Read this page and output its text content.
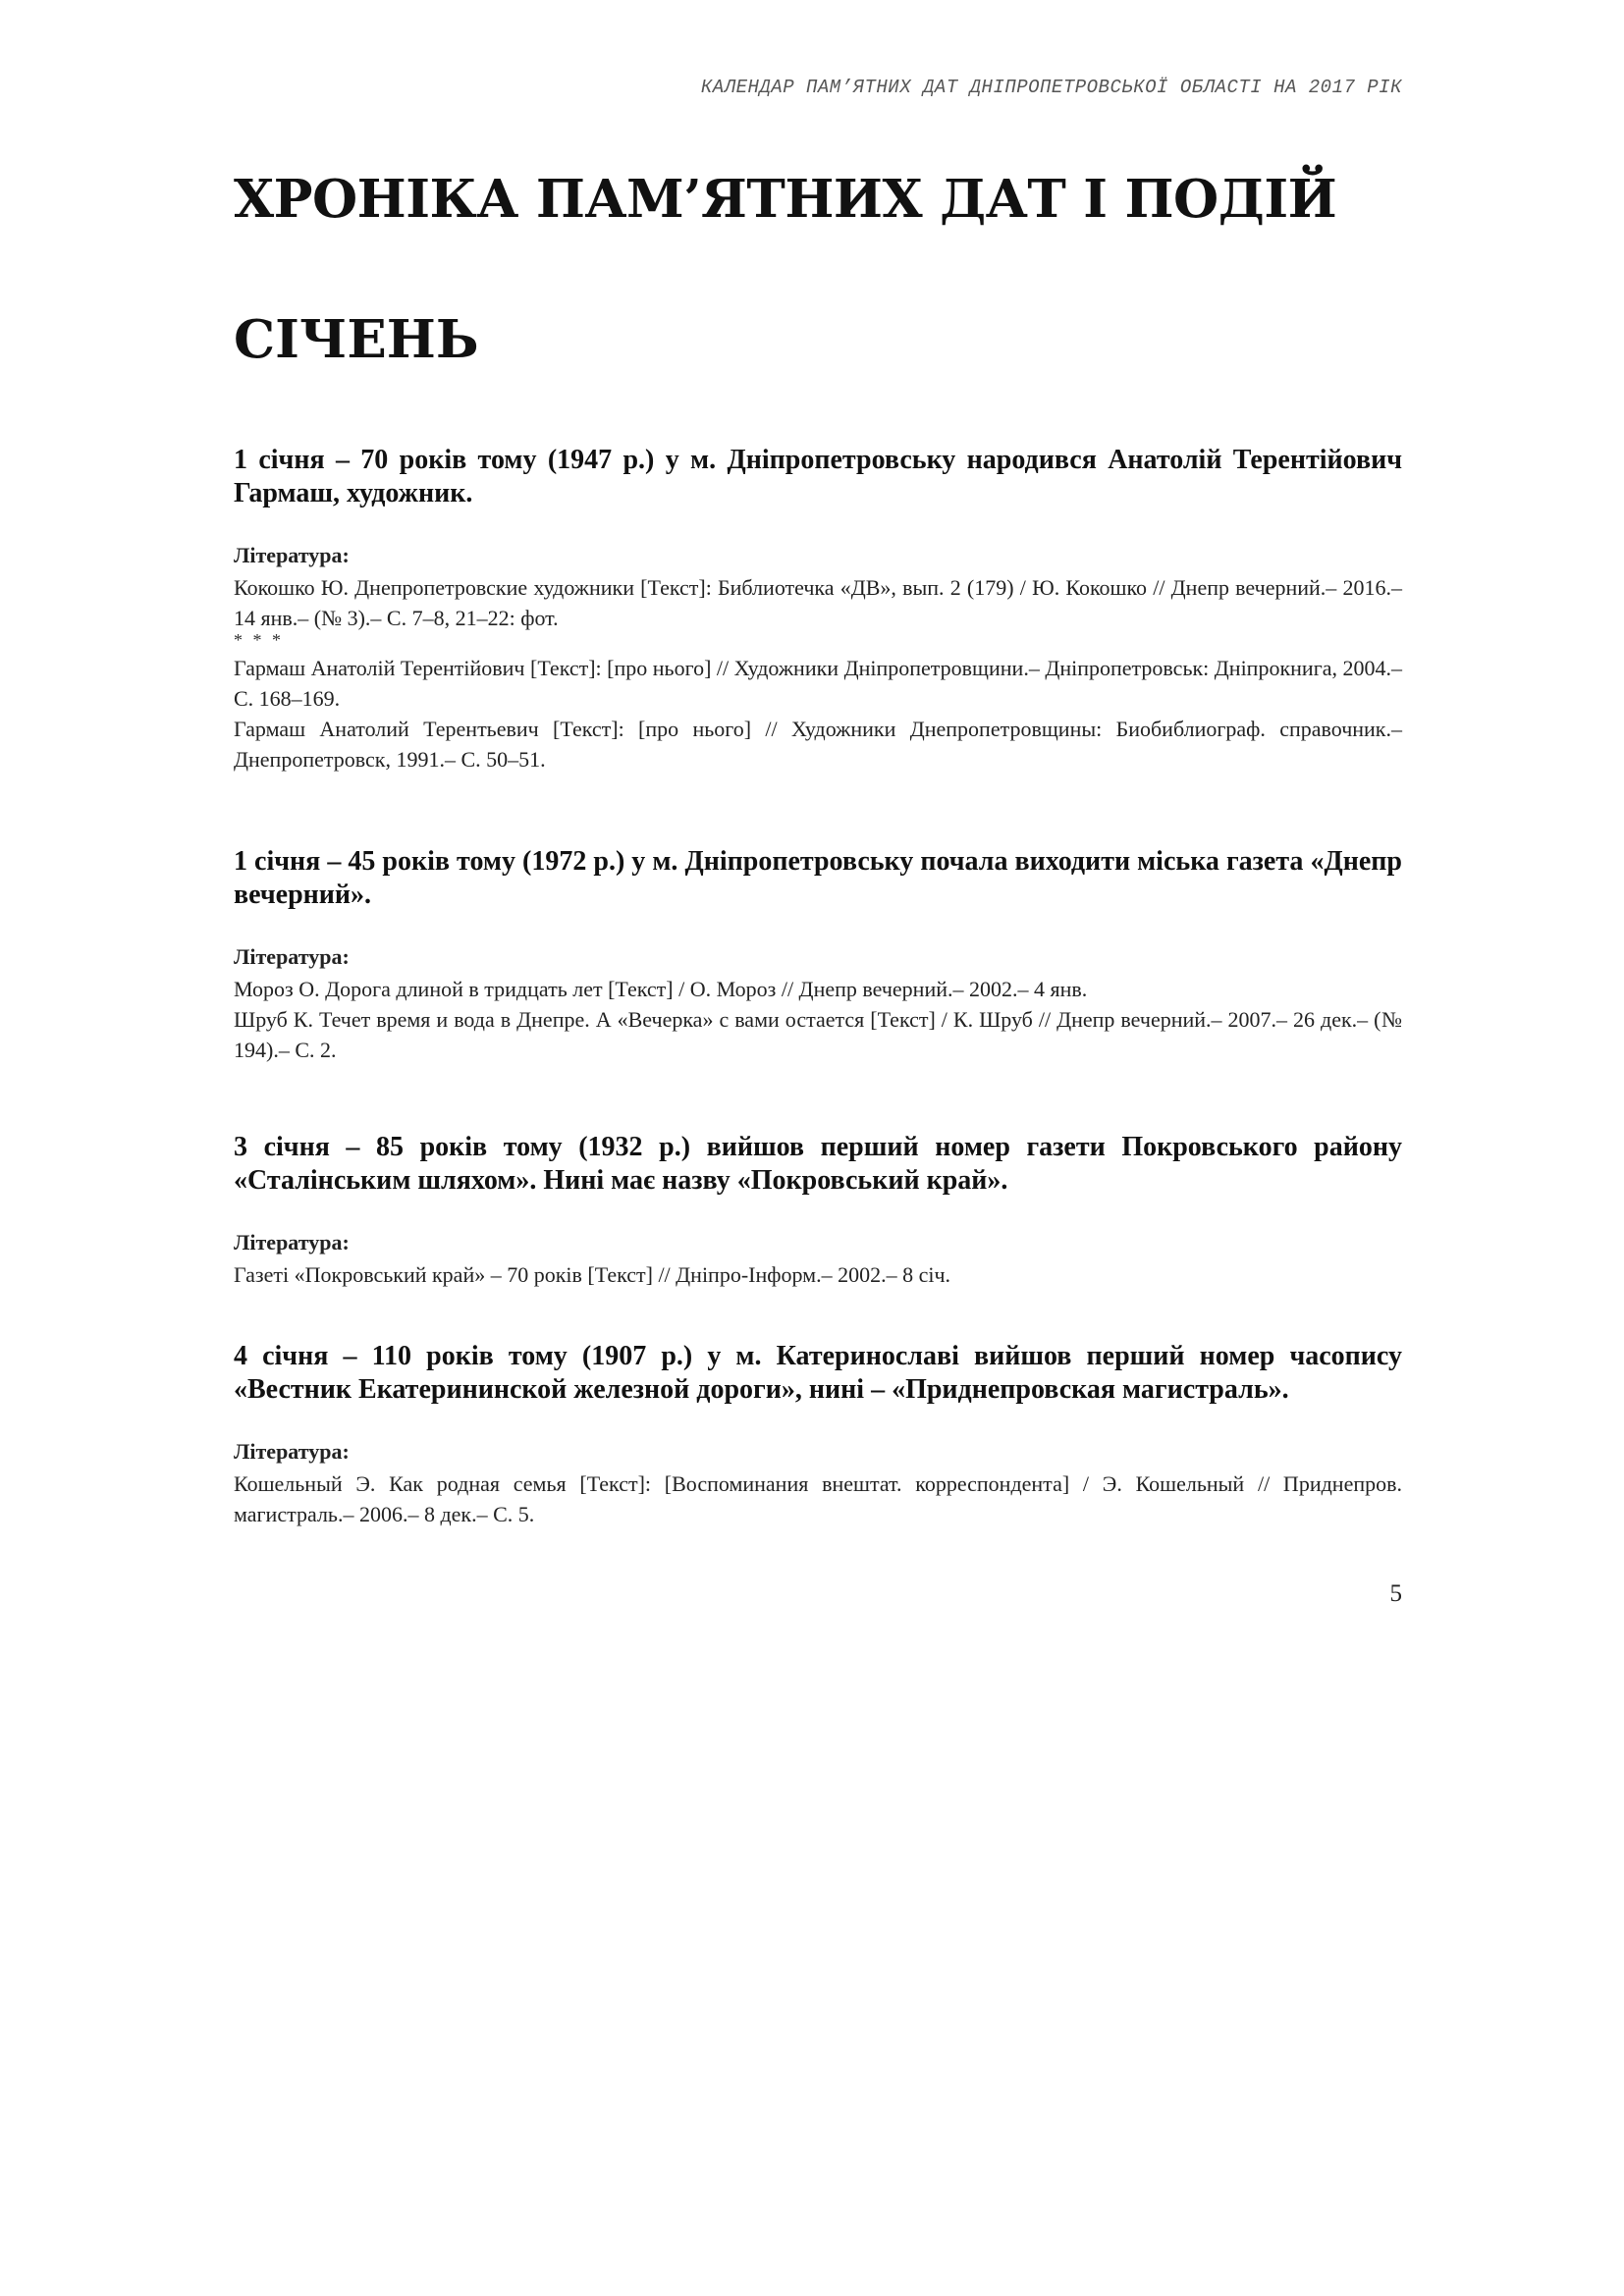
КАЛЕНДАР ПАМ’ЯТНИХ ДАТ ДНІПРОПЕТРОВСЬКОЇ ОБЛАСТІ НА 2017 РІК
ХРОНІКА ПАМ’ЯТНИХ ДАТ І ПОДІЙ
СІЧЕНЬ

1 січня – 70 років тому (1947 р.) у м. Дніпропетровську народився Анатолій Терентійович Гармаш, художник.

Література:

Кокошко Ю. Днепропетровские художники [Текст]: Библиотечка «ДВ», вып. 2 (179) / Ю. Кокошко // Днепр вечерний.– 2016.– 14 янв.– (№ 3).– С. 7–8, 21–22: фот.

* * *

Гармаш Анатолій Терентійович [Текст]: [про нього] // Художники Дніпропетровщини.– Дніпропетровськ: Дніпрокнига, 2004.– С. 168–169.

Гармаш Анатолий Терентьевич [Текст]: [про нього] // Художники Днепропетровщины: Биобиблиограф. справочник.– Днепропетровск, 1991.– С. 50–51.

1 січня – 45 років тому (1972 р.) у м. Дніпропетровську почала виходити міська газета «Днепр вечерний».

Література:

Мороз О. Дорога длиной в тридцать лет [Текст] / О. Мороз // Днепр вечерний.– 2002.– 4 янв.

Шруб К. Течет время и вода в Днепре. А «Вечерка» с вами остается [Текст] / К. Шруб // Днепр вечерний.– 2007.– 26 дек.– (№ 194).– С. 2.

3 січня – 85 років тому (1932 р.) вийшов перший номер газети Покровського району «Сталінським шляхом». Нині має назву «Покровський край».

Література:

Газеті «Покровський край» – 70 років [Текст] // Дніпро-Інформ.– 2002.– 8 січ.

4 січня – 110 років тому (1907 р.) у м. Катеринославі вийшов перший номер часопису «Вестник Екатерининской железной дороги», нині – «Приднепровская магистраль».

Література:

Кошельный Э. Как родная семья [Текст]: [Воспоминания внештат. корреспондента] / Э. Кошельный // Приднепров. магистраль.– 2006.– 8 дек.– С. 5.

5
